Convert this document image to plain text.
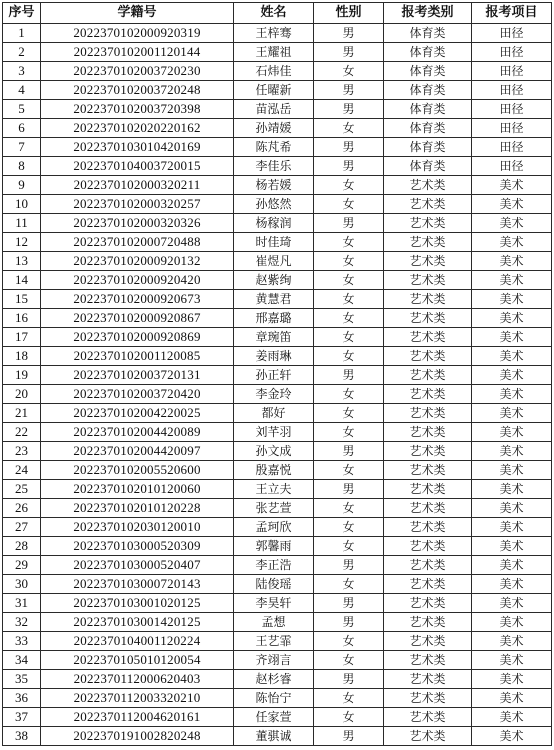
序号	学籍号	姓名	性别	报考类别	报考项目
1	2022370102000920319	王梓骞	男	体育类	田径
2	2022370102001120144	王耀祖	男	体育类	田径
3	2022370102003720230	石炜佳	女	体育类	田径
4	2022370102003720248	任曜新	男	体育类	田径
5	2022370102003720398	苗泓岳	男	体育类	田径
6	2022370102020220162	孙靖媛	女	体育类	田径
7	2022370103010420169	陈芃希	男	体育类	田径
8	2022370104003720015	李佳乐	男	体育类	田径
9	2022370102000320211	杨若媛	女	艺术类	美术
10	2022370102000320257	孙悠然	女	艺术类	美术
11	2022370102000320326	杨稼润	男	艺术类	美术
12	2022370102000720488	时佳琦	女	艺术类	美术
13	2022370102000920132	崔煜凡	女	艺术类	美术
14	2022370102000920420	赵紫绚	女	艺术类	美术
15	2022370102000920673	黄慧君	女	艺术类	美术
16	2022370102000920867	邢嘉璐	女	艺术类	美术
17	2022370102000920869	章琬笛	女	艺术类	美术
18	2022370102001120085	姜雨琳	女	艺术类	美术
19	2022370102003720131	孙正轩	男	艺术类	美术
20	2022370102003720420	李金玲	女	艺术类	美术
21	2022370102004220025	都好	女	艺术类	美术
22	2022370102004420089	刘芊羽	女	艺术类	美术
23	2022370102004420097	孙文成	男	艺术类	美术
24	2022370102005520600	殷嘉悦	女	艺术类	美术
25	2022370102010120060	王立夫	男	艺术类	美术
26	2022370102010120228	张艺萱	女	艺术类	美术
27	2022370102030120010	孟珂欣	女	艺术类	美术
28	2022370103000520309	郭馨雨	女	艺术类	美术
29	2022370103000520407	李正浩	男	艺术类	美术
30	2022370103000720143	陆俊瑶	女	艺术类	美术
31	2022370103001020125	李昊轩	男	艺术类	美术
32	2022370103001420125	孟想	男	艺术类	美术
33	2022370104001120224	王艺霏	女	艺术类	美术
34	2022370105010120054	齐翊言	女	艺术类	美术
35	2022370112000620403	赵杉睿	男	艺术类	美术
36	2022370112003320210	陈怡宁	女	艺术类	美术
37	2022370112004620161	任家萱	女	艺术类	美术
38	2022370191002820248	董骐诚	男	艺术类	美术
